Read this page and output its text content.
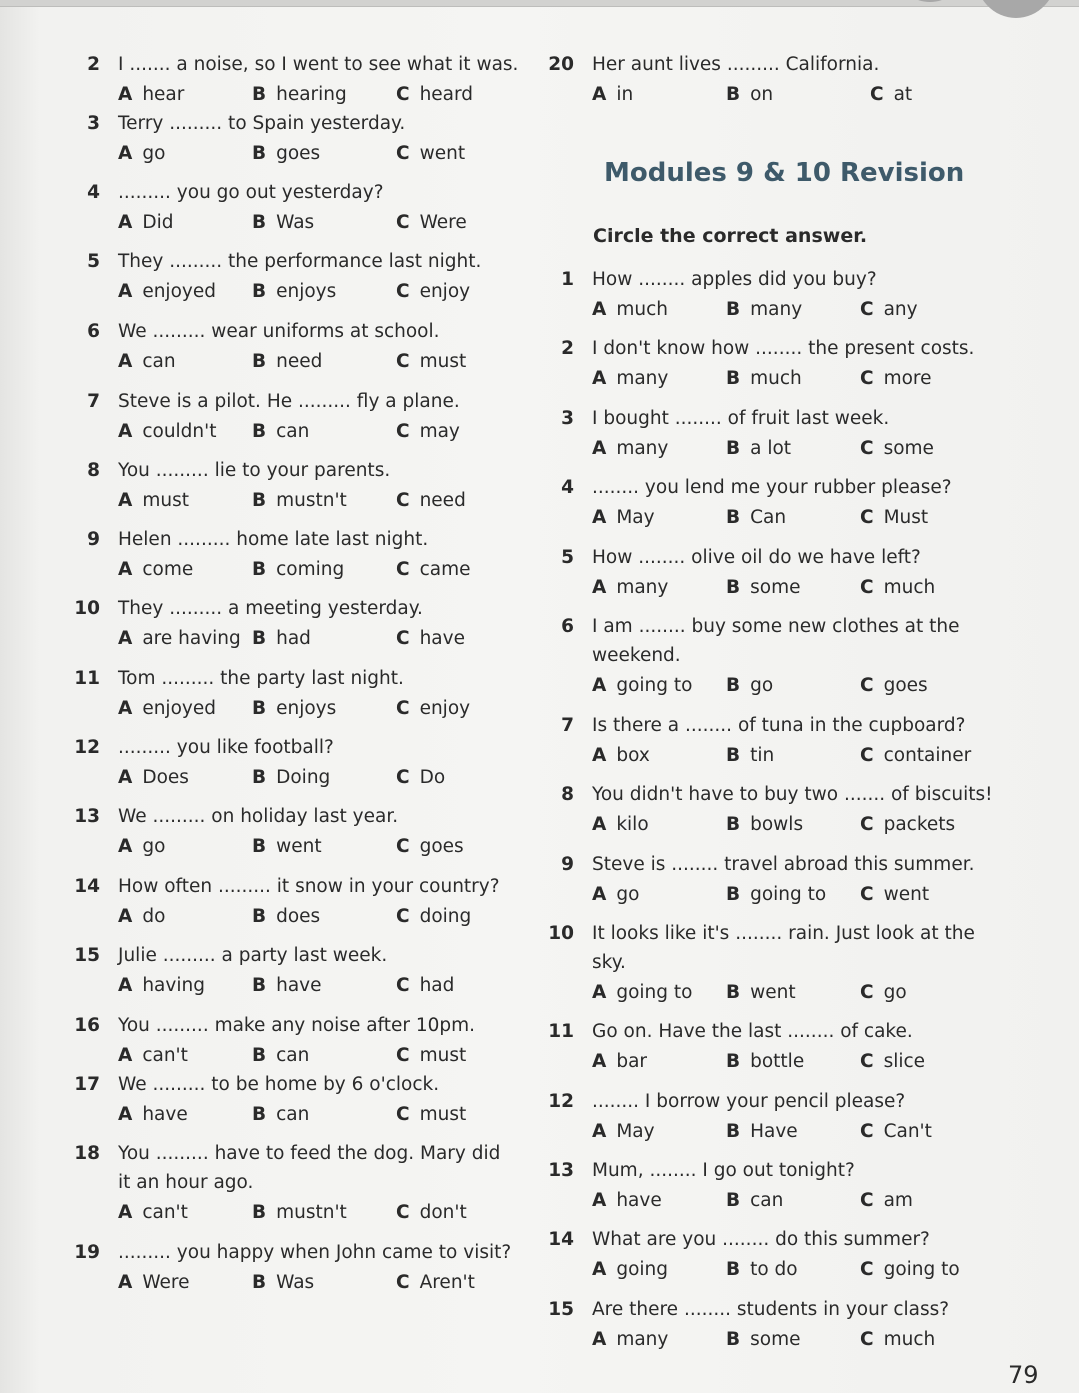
2 I ....... a noise, so I went to see what it was.
A hear	B hearing	C heard
3 Terry ......... to Spain yesterday.
A go	B goes	C went
4 ......... you go out yesterday?
A Did	B Was	C Were
5 They ......... the performance last night.
A enjoyed B enjoys	C enjoy
6 We ......... wear uniforms at school.
A can	B need	C must
7 Steve is a pilot. He ......... fly a plane.
A couldn't B can	C may
8 You ......... lie to your parents.
A must	B mustn't	C need
9 Helen ......... home late last night.
A come	B coming	C came
10 They ......... a meeting yesterday.
A are having B had	C have
11 Tom ......... the party last night.
A enjoyed B enjoys	C enjoy
12 ......... you like football?
A Does	B Doing	C Do
13 We ......... on holiday last year.
A go	B went	C goes
14 How often ......... it snow in your country?
A do	B does	C doing
15 Julie ......... a party last week.
A having	B have	C had
16 You ......... make any noise after 10pm.
A can't	B can	C must
17 We ......... to be home by 6 o'clock.
A have	B can	C must
18 You ......... have to feed the dog. Mary did
it an hour ago.
A can't	B mustn't	C don't
19 ......... you happy when John came to visit?
A Were	B Was	C Aren't
20 Her aunt lives ......... California.
A in	B on	C at
Modules 9 & 10 Revision
Circle the correct answer.
1 How ........ apples did you buy?
A much	B many	C any
2 I don't know how ........ the present costs.
A many	B much	C more
3 I bought ........ of fruit last week.
A many	B a lot	C some
4 ........ you lend me your rubber please?
A May	B Can	C Must
5 How ........ olive oil do we have left?
A many	B some	C much
6 I am ........ buy some new clothes at the
weekend.
A going to B go	C goes
7 Is there a ........ of tuna in the cupboard?
A box	B tin	C container
8 You didn't have to buy two ....... of biscuits!
A kilo	B bowls	C packets
9 Steve is ........ travel abroad this summer.
A go	B going to C went
10 It looks like it's ........ rain. Just look at the
sky.
A going to B went	C go
11 Go on. Have the last ........ of cake.
A bar	B bottle	C slice
12 ........ I borrow your pencil please?
A May	B Have	C Can't
13 Mum, ........ I go out tonight?
A have	B can	C am
14 What are you ........ do this summer?
A going	B to do	C going to
15 Are there ........ students in your class?
A many	B some	C much
79
